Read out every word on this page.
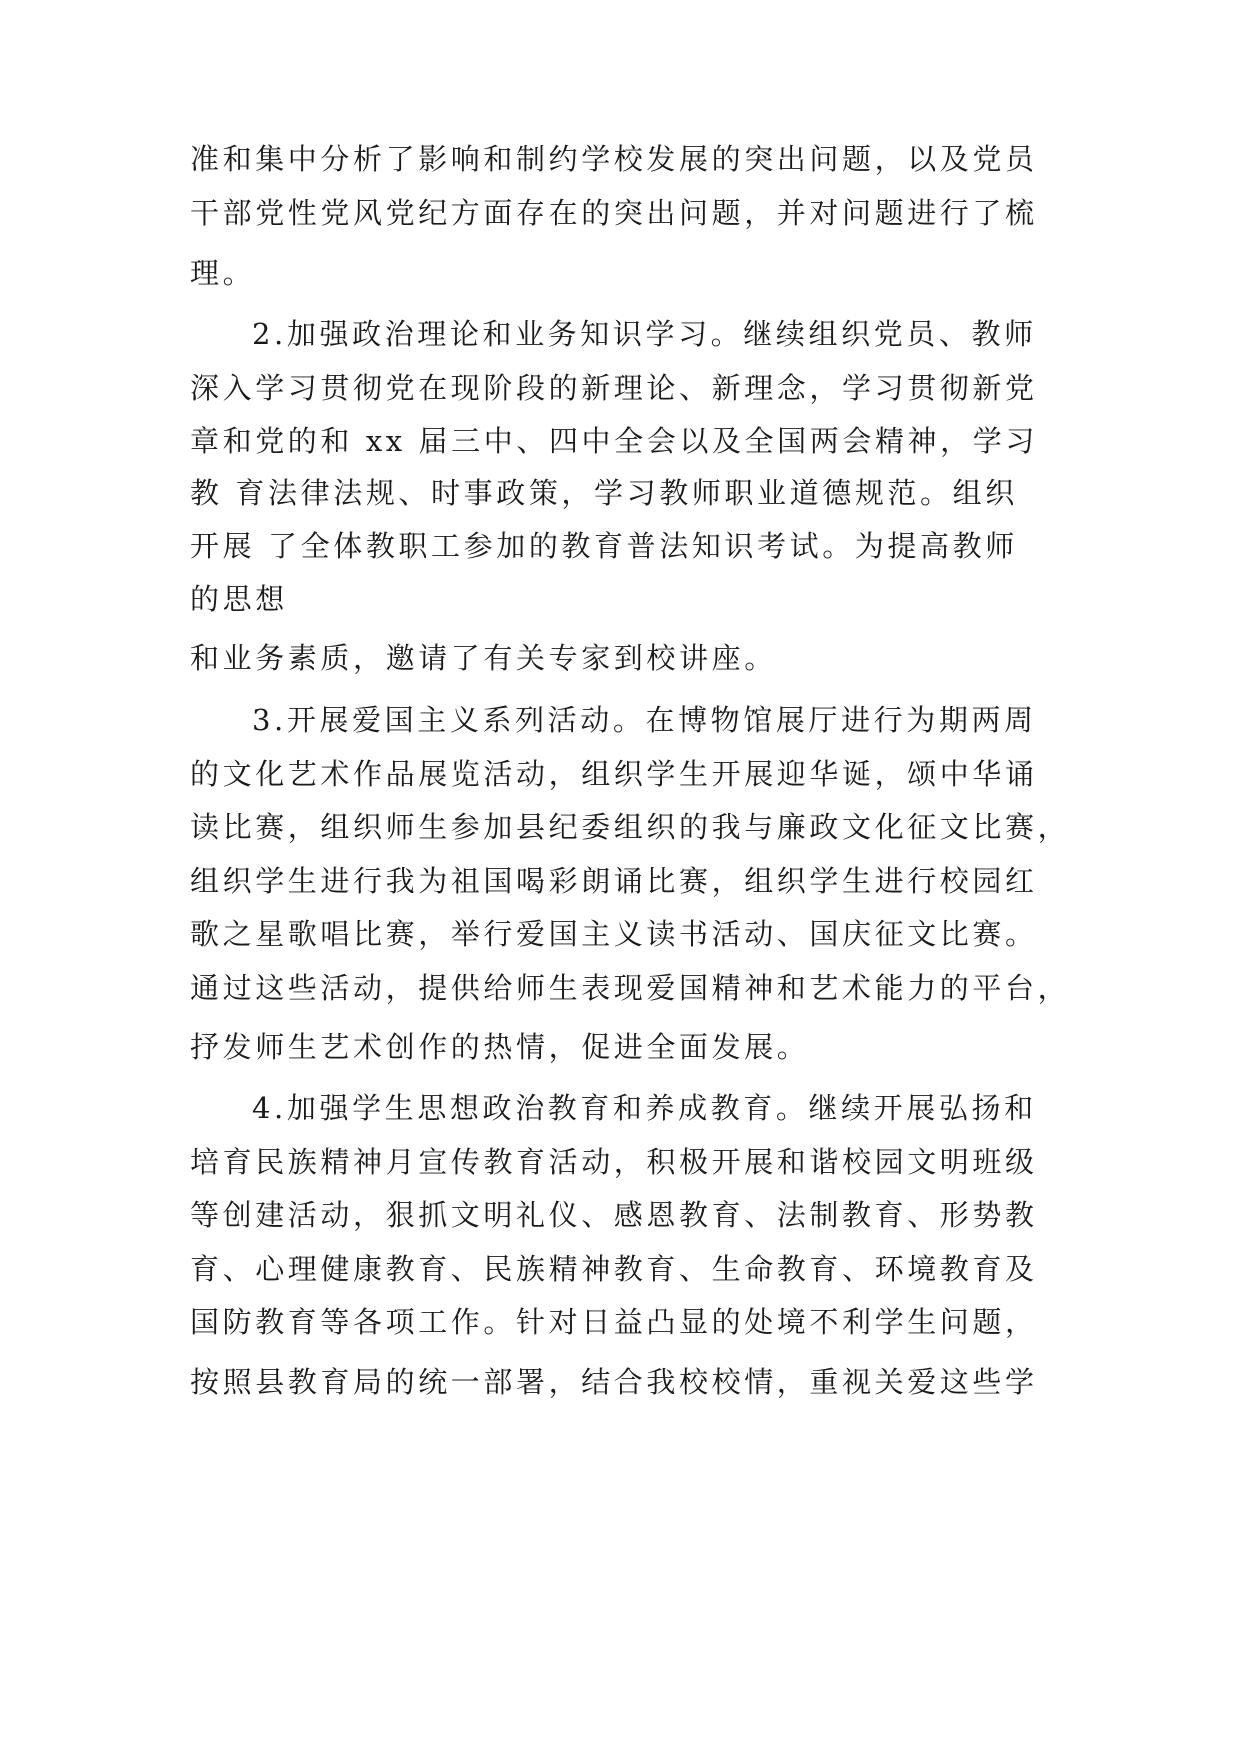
准和集中分析了影响和制约学校发展的突出问题，以及党员

干部党性党风党纪方面存在的突出问题，并对问题进行了梳

理。

2.加强政治理论和业务知识学习。继续组织党员、教师

深入学习贯彻党在现阶段的新理论、新理念，学习贯彻新党

章和党的和 xx 届三中、四中全会以及全国两会精神，学习

教 育法律法规、时事政策，学习教师职业道德规范。组织

开展 了全体教职工参加的教育普法知识考试。为提高教师

的思想

和业务素质，邀请了有关专家到校讲座。

3.开展爱国主义系列活动。在博物馆展厅进行为期两周

的文化艺术作品展览活动，组织学生开展迎华诞，颂中华诵

读比赛，组织师生参加县纪委组织的我与廉政文化征文比赛，

组织学生进行我为祖国喝彩朗诵比赛，组织学生进行校园红

歌之星歌唱比赛，举行爱国主义读书活动、国庆征文比赛。

通过这些活动，提供给师生表现爱国精神和艺术能力的平台，

抒发师生艺术创作的热情，促进全面发展。

4.加强学生思想政治教育和养成教育。继续开展弘扬和

培育民族精神月宣传教育活动，积极开展和谐校园文明班级

等创建活动，狠抓文明礼仪、感恩教育、法制教育、形势教

育、心理健康教育、民族精神教育、生命教育、环境教育及

国防教育等各项工作。针对日益凸显的处境不利学生问题，

按照县教育局的统一部署，结合我校校情，重视关爱这些学
